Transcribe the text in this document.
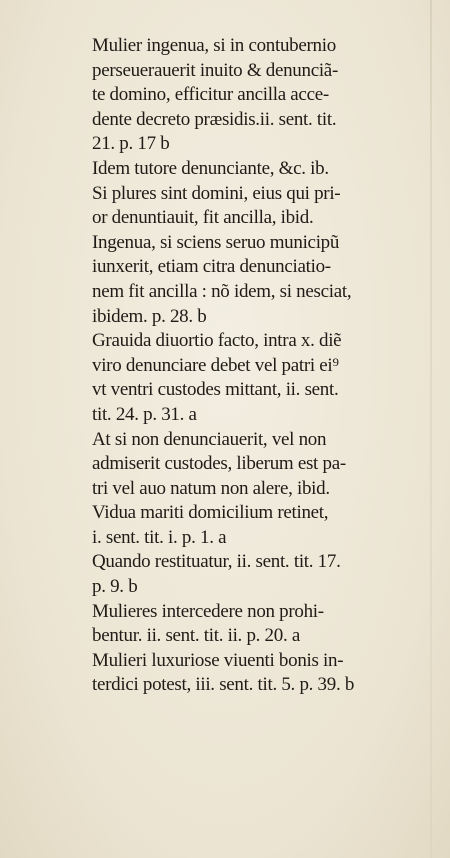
Mulier ingenua, si in contubernio
perseuerauerit inuito & denunciã-
te domino, efficitur ancilla acce-
dente decreto præsidis.ii. sent. tit.
21. p. 17 b
Idem tutore denunciante, &c. ib.
Si plures sint domini, eius qui pri-
or denuntiauit, fit ancilla, ibid.
Ingenua, si sciens seruo municipũ
iunxerit, etiam citra denunciatio-
nem fit ancilla : nõ idem, si nesciat,
ibidem. p. 28. b
Grauida diuortio facto, intra x. diẽ
viro denunciare debet vel patri ei⁹
vt ventri custodes mittant, ii. sent.
tit. 24. p. 31. a
At si non denunciauerit, vel non
admiserit custodes, liberum est pa-
tri vel auo natum non alere, ibid.
Vidua mariti domicilium retinet,
i. sent. tit. i. p. 1. a
Quando restituatur, ii. sent. tit. 17.
p. 9. b
Mulieres intercedere non prohi-
bentur. ii. sent. tit. ii. p. 20. a
Mulieri luxuriose viuenti bonis in-
terdici potest, iii. sent. tit. 5. p. 39. b
